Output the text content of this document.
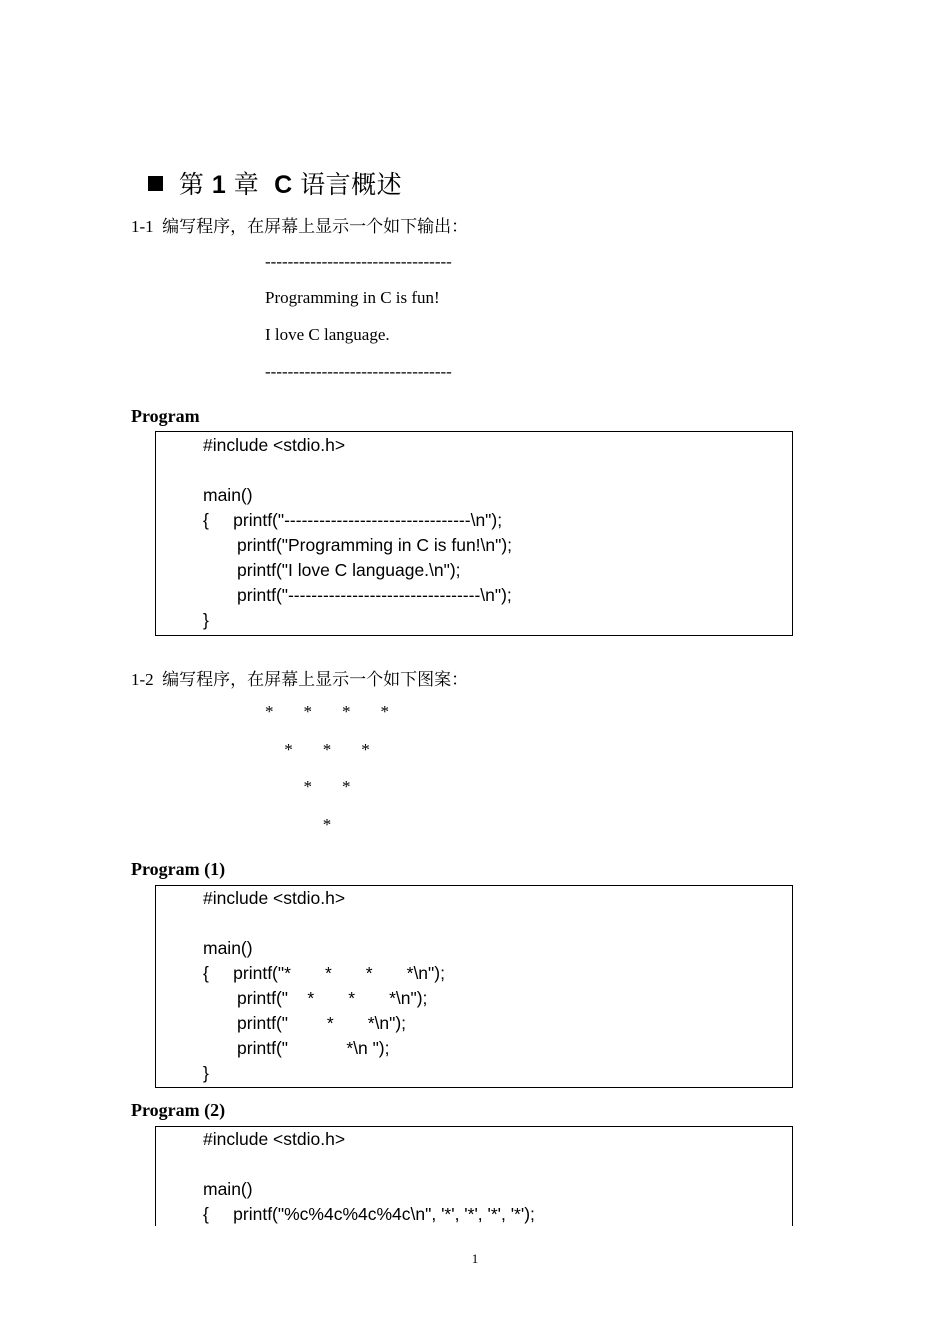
第 1 章 C 语言概述

1-1  编写程序，在屏幕上显示一个如下输出：
---------------------------------
Programming in C is fun!
I love C language.
---------------------------------
Program
#include <stdio.h>
main()
{     printf("--------------------------------\n");
printf("Programming in C is fun!\n");
printf("I love C language.\n");
printf("---------------------------------\n");
}
1-2  编写程序，在屏幕上显示一个如下图案：
* * * *
* * *
* *
*
Program (1)
#include <stdio.h>
main()
{     printf("*       *       *       *\n");
printf("    *       *       *\n");
printf("        *       *\n");
printf("            *\n ");
}
Program (2)
#include <stdio.h>
main()
{     printf("%c%4c%4c%4c\n", '*', '*', '*', '*');
1
